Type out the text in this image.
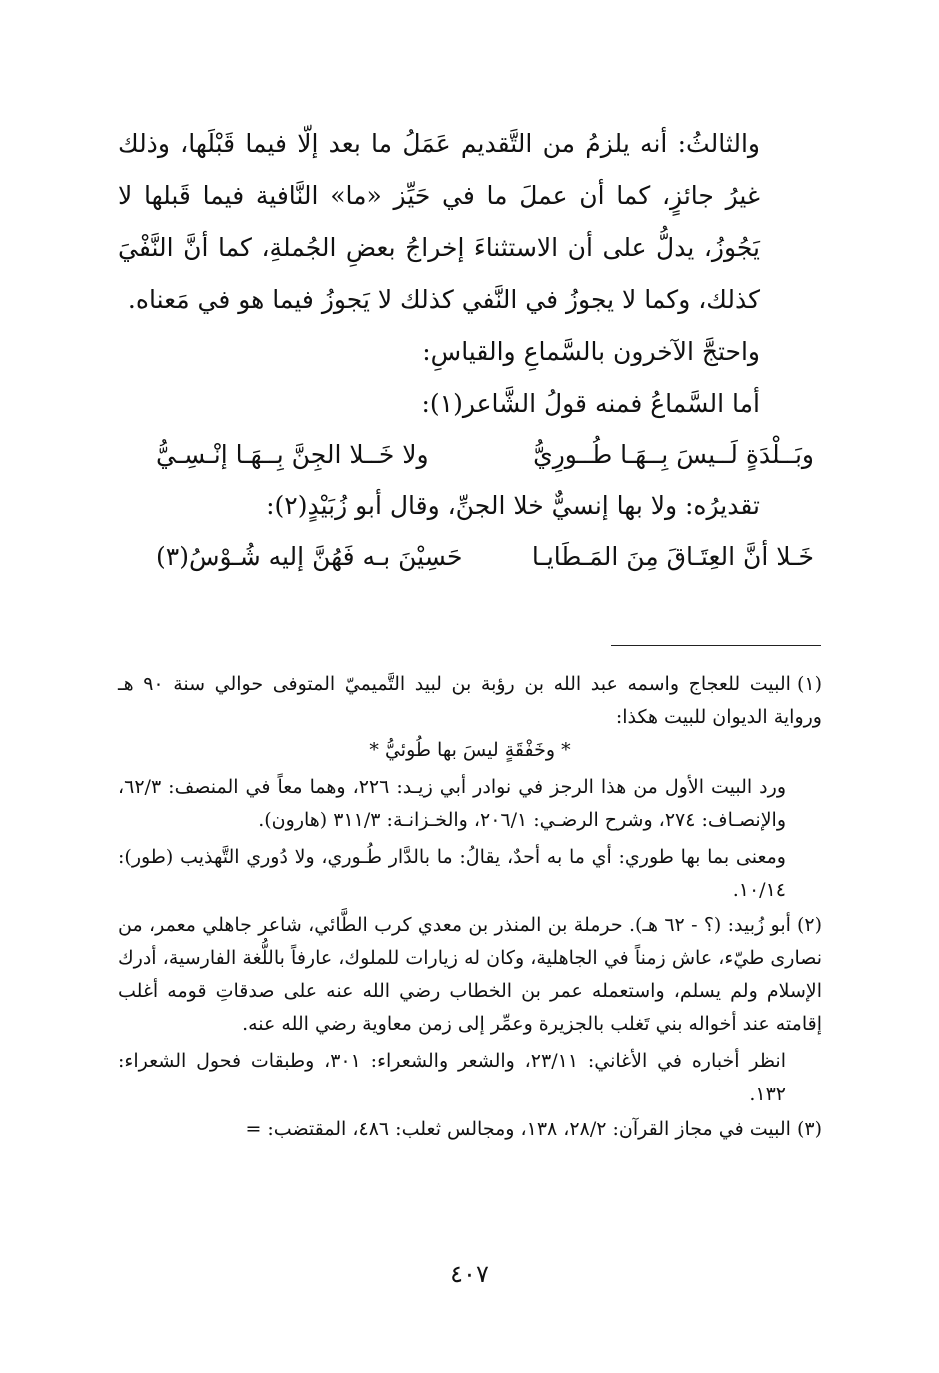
والثالثُ: أنه يلزمُ من التَّقديم عَمَلُ ما بعد إلّا فيما قَبْلَها، وذلك غيرُ جائزٍ، كما أن عملَ ما في حَيِّز «ما» النَّافية فيما قَبلها لا يَجُوزُ، يدلُّ على أن الاستثناءَ إخراجُ بعضِ الجُملةِ، كما أنَّ النَّفْيَ كذلك، وكما لا يجوزُ في النَّفي كذلك لا يَجوزُ فيما هو في مَعناه.

واحتجَّ الآخرون بالسَّماعِ والقياسِ:

أما السَّماعُ فمنه قولُ الشَّاعر(١):

وبَــلْدَةٍ لَــيسَ بِــهَـا طُــورِيُّ
ولا خَــلا الجِنَّ بِــهَـا إنْـسِـيُّ

تقديرُه: ولا بها إنسيٌّ خلا الجنِّ، وقال أبو زُبَيْدٍ(٢):

خَـلا أنَّ العِتَـاقَ مِنَ المَـطَايـا
حَسِيْنَ بـه فَهُنَّ إليه شُـوْسُ(٣)

(١)البيت للعجاج واسمه عبد الله بن رؤبة بن لبيد التَّميميّ المتوفى حوالي سنة ٩٠ هـ ورواية الديوان للبيت هكذا:

* وخَفْقَةٍ ليسَ بها طُوئيُّ *

ورد البيت الأول من هذا الرجز في نوادر أبي زيـد: ٢٢٦، وهما معاً في المنصف: ٦٢/٣، والإنصـاف: ٢٧٤، وشرح الرضـي: ٢٠٦/١، والخـزانـة: ٣١١/٣ (هارون).

ومعنى بما بها طوري: أي ما به أحدٌ، يقالُ: ما بالدَّار طُـوري، ولا دُوري التَّهذيب (طور): ١٠/١٤.

(٢)أبو زُبيد: (؟ - ٦٢ هـ). حرملة بن المنذر بن معدي كرب الطَّائي، شاعر جاهلي معمر، من نصارى طيّء، عاش زمناً في الجاهلية، وكان له زيارات للملوك، عارفاً باللُّغة الفارسية، أدرك الإسلام ولم يسلم، واستعمله عمر بن الخطاب رضي الله عنه على صدقاتِ قومه أغلب إقامته عند أخواله بني تَغلب بالجزيرة وعمِّر إلى زمن معاوية رضي الله عنه.

انظر أخباره في الأغاني: ٢٣/١١، والشعر والشعراء: ٣٠١، وطبقات فحول الشعراء: ١٣٢.

(٣)البيت في مجاز القرآن: ٢٨/٢، ١٣٨، ومجالس ثعلب: ٤٨٦، المقتضب: =

٤٠٧
